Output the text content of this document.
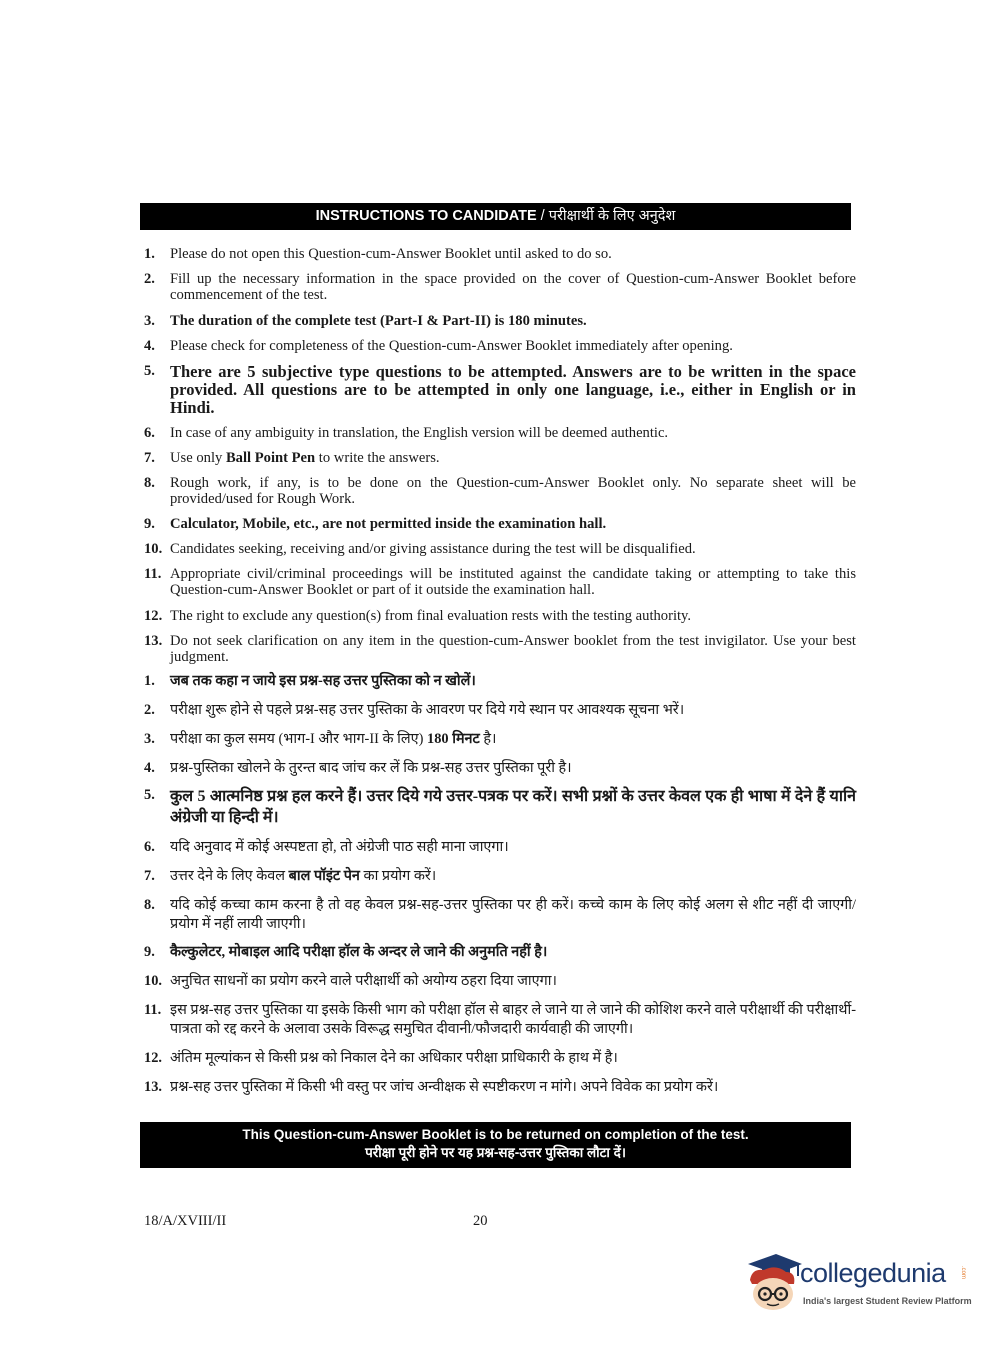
INSTRUCTIONS TO CANDIDATE / परीक्षार्थी के लिए अनुदेश
1. Please do not open this Question-cum-Answer Booklet until asked to do so.
2. Fill up the necessary information in the space provided on the cover of Question-cum-Answer Booklet before commencement of the test.
3. The duration of the complete test (Part-I & Part-II) is 180 minutes.
4. Please check for completeness of the Question-cum-Answer Booklet immediately after opening.
5. There are 5 subjective type questions to be attempted. Answers are to be written in the space provided. All questions are to be attempted in only one language, i.e., either in English or in Hindi.
6. In case of any ambiguity in translation, the English version will be deemed authentic.
7. Use only Ball Point Pen to write the answers.
8. Rough work, if any, is to be done on the Question-cum-Answer Booklet only. No separate sheet will be provided/used for Rough Work.
9. Calculator, Mobile, etc., are not permitted inside the examination hall.
10. Candidates seeking, receiving and/or giving assistance during the test will be disqualified.
11. Appropriate civil/criminal proceedings will be instituted against the candidate taking or attempting to take this Question-cum-Answer Booklet or part of it outside the examination hall.
12. The right to exclude any question(s) from final evaluation rests with the testing authority.
13. Do not seek clarification on any item in the question-cum-Answer booklet from the test invigilator. Use your best judgment.
1. जब तक कहा न जाये इस प्रश्न-सह उत्तर पुस्तिका को न खोलें।
2. परीक्षा शुरू होने से पहले प्रश्न-सह उत्तर पुस्तिका के आवरण पर दिये गये स्थान पर आवश्यक सूचना भरें।
3. परीक्षा का कुल समय (भाग-I और भाग-II के लिए) 180 मिनट है।
4. प्रश्न-पुस्तिका खोलने के तुरन्त बाद जांच कर लें कि प्रश्न-सह उत्तर पुस्तिका पूरी है।
5. कुल 5 आत्मनिष्ठ प्रश्न हल करने हैं। उत्तर दिये गये उत्तर-पत्रक पर करें। सभी प्रश्नों के उत्तर केवल एक ही भाषा में देने हैं यानि अंग्रेजी या हिन्दी में।
6. यदि अनुवाद में कोई अस्पष्टता हो, तो अंग्रेजी पाठ सही माना जाएगा।
7. उत्तर देने के लिए केवल बाल पॉइंट पेन का प्रयोग करें।
8. यदि कोई कच्चा काम करना है तो वह केवल प्रश्न-सह-उत्तर पुस्तिका पर ही करें। कच्चे काम के लिए कोई अलग से शीट नहीं दी जाएगी/प्रयोग में नहीं लायी जाएगी।
9. कैल्कुलेटर, मोबाइल आदि परीक्षा हॉल के अन्दर ले जाने की अनुमति नहीं है।
10. अनुचित साधनों का प्रयोग करने वाले परीक्षार्थी को अयोग्य ठहरा दिया जाएगा।
11. इस प्रश्न-सह उत्तर पुस्तिका या इसके किसी भाग को परीक्षा हॉल से बाहर ले जाने या ले जाने की कोशिश करने वाले परीक्षार्थी की परीक्षार्थी-पात्रता को रद्द करने के अलावा उसके विरूद्ध समुचित दीवानी/फौजदारी कार्यवाही की जाएगी।
12. अंतिम मूल्यांकन से किसी प्रश्न को निकाल देने का अधिकार परीक्षा प्राधिकारी के हाथ में है।
13. प्रश्न-सह उत्तर पुस्तिका में किसी भी वस्तु पर जांच अन्वीक्षक से स्पष्टीकरण न मांगे। अपने विवेक का प्रयोग करें।
This Question-cum-Answer Booklet is to be returned on completion of the test.
परीक्षा पूरी होने पर यह प्रश्न-सह-उत्तर पुस्तिका लौटा दें।
18/A/XVIII/II	20
collegedunia .com
India's largest Student Review Platform
